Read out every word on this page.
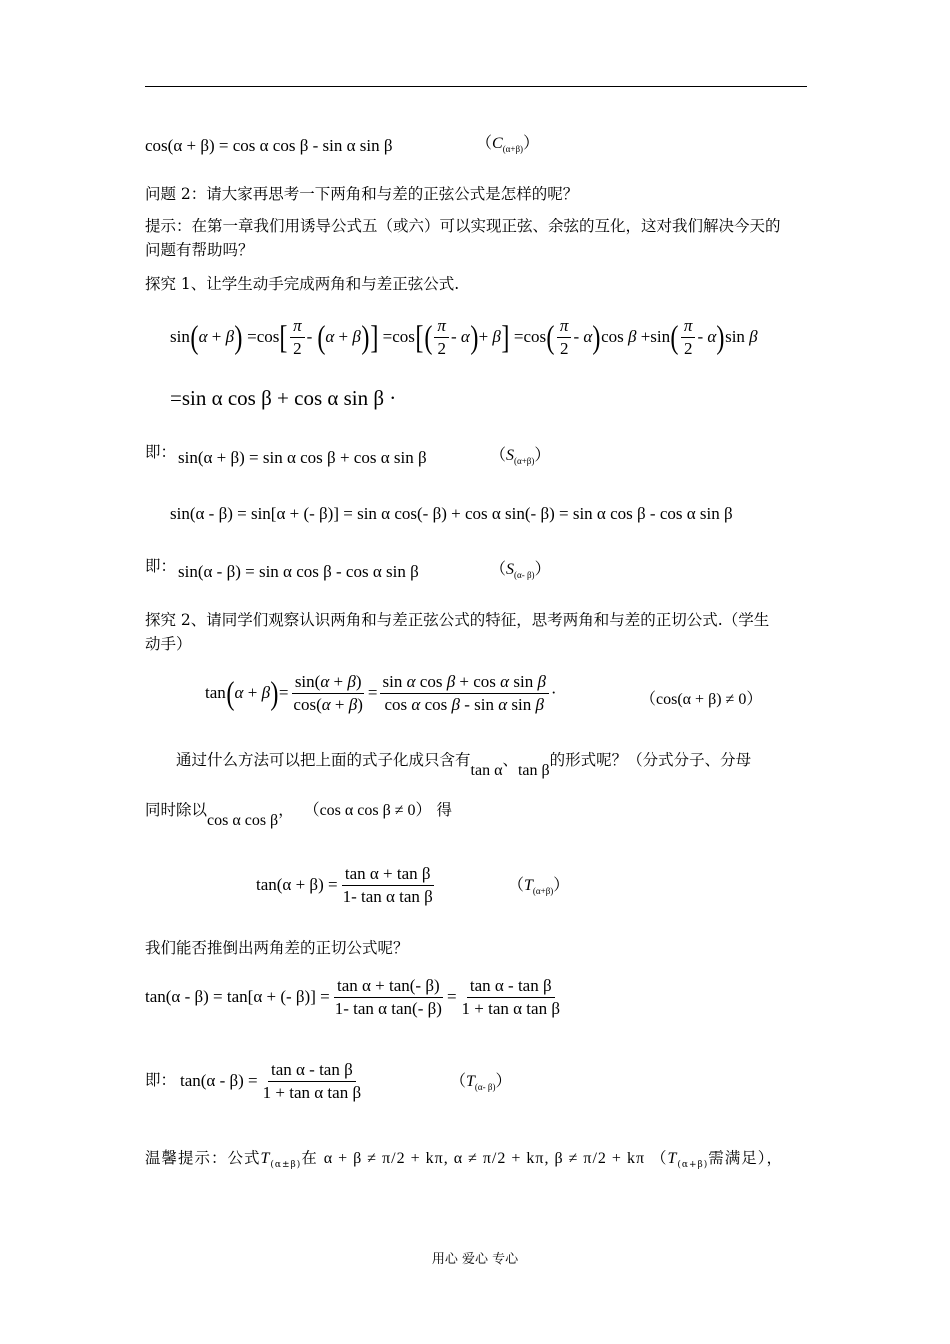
cos(α + β) = cos α cos β - sin α sin β	$(C_{(\alpha+\beta)})$
问题 2：请大家再思考一下两角和与差的正弦公式是怎样的呢？
提示：在第一章我们用诱导公式五（或六）可以实现正弦、余弦的互化，这对我们解决今天的
问题有帮助吗？
探究 1、让学生动手完成两角和与差正弦公式.
sin ( α + β ) =cos [ $\frac{\pi}{2}$ - ( α + β ) ] =cos [ ( $\frac{\pi}{2}$ - α ) + β ] =cos ( $\frac{\pi}{2}$ - α ) cos β +sin ( $\frac{\pi}{2}$ - α ) sin β
=sin α cos β + cos α sin β ·
即： sin(α + β) = sin α cos β + cos α sin β	$(S_{(\alpha+\beta)})$
sin(α - β) = sin[α + (- β)] = sin α cos(- β) + cos α sin(- β) = sin α cos β - cos α sin β
即： sin(α - β) = sin α cos β - cos α sin β	$(S_{(\alpha- \beta)})$
探究 2、请同学们观察认识两角和与差正弦公式的特征，思考两角和与差的正切公式.（学生
动手）
tan ( α + β ) = $\frac{\sin(\alpha + \beta)}{\cos(\alpha + \beta)} = \frac{\text{sin α cos β + cos α sin β}}{\text{cos α cos β - sin α sin β}}$ ·	（cos(α + β) ≠ 0）
通过什么方法可以把上面的式子化成只含有tan α、tan β的形式呢？（分式分子、分母
同时除以cos α cos β， （cos α cos β ≠ 0） 得
$\tan(\alpha + \beta) = \frac{\text{tan α + tan β}}{\text{1- tan α tan β}}$	$(T_{(\alpha+\beta)})$
我们能否推倒出两角差的正切公式呢？
tan(α - β) = tan[α + (- $\beta)] = \frac{\text{tan α + tan(- β)}}{\text{1- tan α tan(- β)}} = \frac{\text{tan α - tan β}}{\text{1 + tan α tan β}}$
即： $\tan(\alpha - \beta) = \frac{\text{tan α - tan β}}{\text{1 + tan α tan β}}$	$(T_{(\alpha- \beta)})$
温馨提示：公式$T_{(\alpha\pm\beta)}$在 α + β ≠ π/2 + kπ, α ≠ π/2 + kπ, β ≠ π/2 + kπ （$T_{(\alpha+\beta)}$需满足），
用心 爱心 专心
